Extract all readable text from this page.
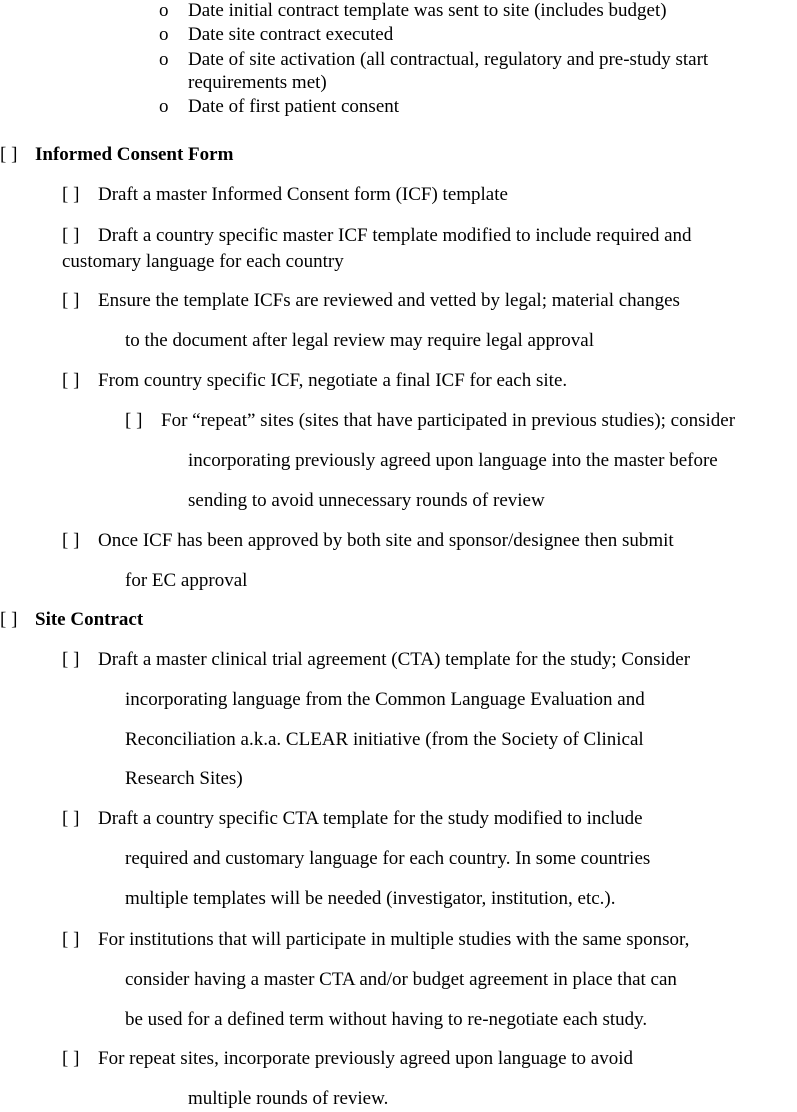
o Date initial contract template was sent to site (includes budget)
o Date site contract executed
o Date of site activation (all contractual, regulatory and pre-study start
requirements met)
o Date of first patient consent
[ ] Informed Consent Form
[ ] Draft a master Informed Consent form (ICF) template
[ ] Draft a country specific master ICF template modified to include required and
customary language for each country
[ ] Ensure the template ICFs are reviewed and vetted by legal; material changes
to the document after legal review may require legal approval
[ ] From country specific ICF, negotiate a final ICF for each site.
[ ] For “repeat” sites (sites that have participated in previous studies); consider
incorporating previously agreed upon language into the master before
sending to avoid unnecessary rounds of review
[ ] Once ICF has been approved by both site and sponsor/designee then submit
for EC approval
[ ] Site Contract
[ ] Draft a master clinical trial agreement (CTA) template for the study; Consider
incorporating language from the Common Language Evaluation and
Reconciliation a.k.a. CLEAR initiative (from the Society of Clinical
Research Sites)
[ ] Draft a country specific CTA template for the study modified to include
required and customary language for each country. In some countries
multiple templates will be needed (investigator, institution, etc.).
[ ] For institutions that will participate in multiple studies with the same sponsor,
consider having a master CTA and/or budget agreement in place that can
be used for a defined term without having to re-negotiate each study.
[ ] For repeat sites, incorporate previously agreed upon language to avoid
multiple rounds of review.
